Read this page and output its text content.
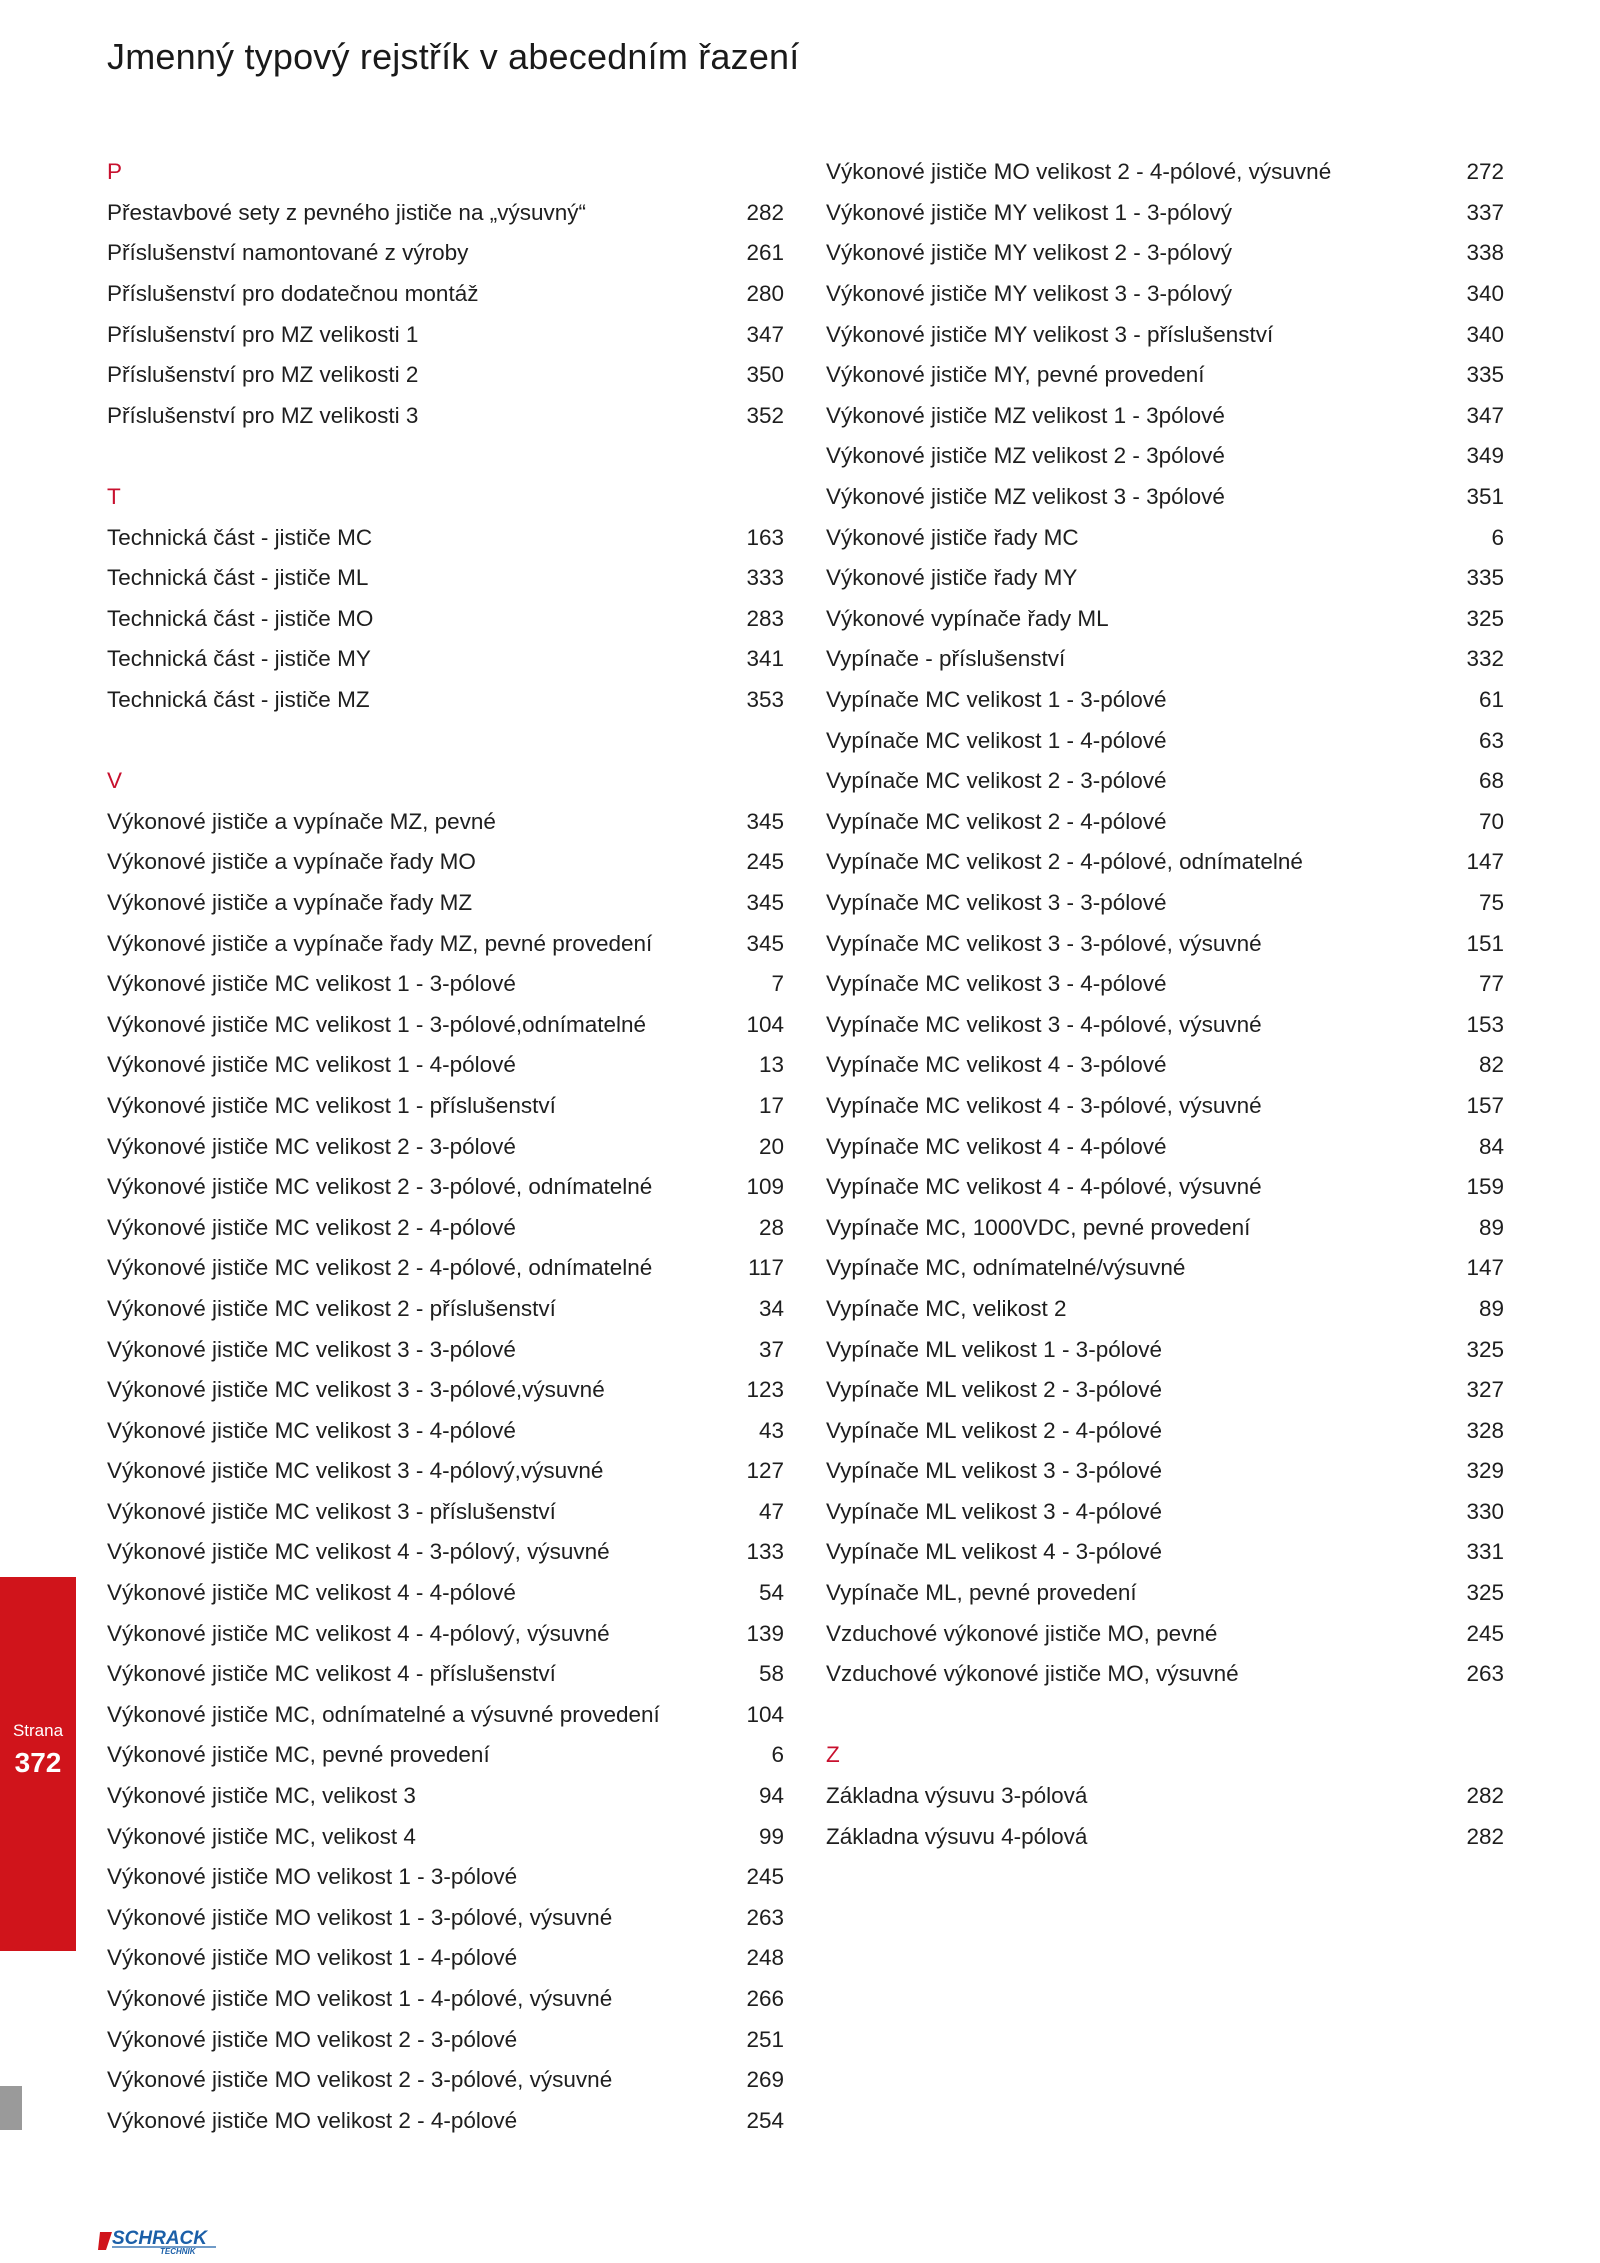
Jmenný typový rejstřík v abecedním řazení
P
Přestavbové sety z pevného jističe na „výsuvný“	282
Příslušenství namontované z výroby	261
Příslušenství pro dodatečnou montáž	280
Příslušenství pro MZ velikosti 1	347
Příslušenství pro MZ velikosti 2	350
Příslušenství pro MZ velikosti 3	352
T
Technická část - jističe MC	163
Technická část - jističe ML	333
Technická část - jističe MO	283
Technická část - jističe MY	341
Technická část - jističe MZ	353
V
Výkonové jističe a vypínače MZ, pevné	345
Výkonové jističe a vypínače řady MO	245
Výkonové jističe a vypínače řady MZ	345
Výkonové jističe a vypínače řady MZ, pevné provedení	345
Výkonové jističe MC velikost 1 - 3-pólové	7
Výkonové jističe MC velikost 1 - 3-pólové,odnímatelné	104
Výkonové jističe MC velikost 1 - 4-pólové	13
Výkonové jističe MC velikost 1 - příslušenství	17
Výkonové jističe MC velikost 2 - 3-pólové	20
Výkonové jističe MC velikost 2 - 3-pólové, odnímatelné	109
Výkonové jističe MC velikost 2 - 4-pólové	28
Výkonové jističe MC velikost 2 - 4-pólové, odnímatelné	117
Výkonové jističe MC velikost 2 - příslušenství	34
Výkonové jističe MC velikost 3 - 3-pólové	37
Výkonové jističe MC velikost 3 - 3-pólové,výsuvné	123
Výkonové jističe MC velikost 3 - 4-pólové	43
Výkonové jističe MC velikost 3 - 4-pólový,výsuvné	127
Výkonové jističe MC velikost 3 - příslušenství	47
Výkonové jističe MC velikost 4 - 3-pólový, výsuvné	133
Výkonové jističe MC velikost 4 - 4-pólové	54
Výkonové jističe MC velikost 4 - 4-pólový, výsuvné	139
Výkonové jističe MC velikost 4 - příslušenství	58
Výkonové jističe MC, odnímatelné a výsuvné provedení	104
Výkonové jističe MC, pevné provedení	6
Výkonové jističe MC, velikost 3	94
Výkonové jističe MC, velikost 4	99
Výkonové jističe MO velikost 1 - 3-pólové	245
Výkonové jističe MO velikost 1 - 3-pólové, výsuvné	263
Výkonové jističe MO velikost 1 - 4-pólové	248
Výkonové jističe MO velikost 1 - 4-pólové, výsuvné	266
Výkonové jističe MO velikost 2 - 3-pólové	251
Výkonové jističe MO velikost 2 - 3-pólové, výsuvné	269
Výkonové jističe MO velikost 2 - 4-pólové	254
Výkonové jističe MO velikost 2 - 4-pólové, výsuvné	272
Výkonové jističe MY velikost 1 - 3-pólový	337
Výkonové jističe MY velikost 2 - 3-pólový	338
Výkonové jističe MY velikost 3 - 3-pólový	340
Výkonové jističe MY velikost 3 - příslušenství	340
Výkonové jističe MY, pevné provedení	335
Výkonové jističe MZ velikost 1 - 3pólové	347
Výkonové jističe MZ velikost 2 - 3pólové	349
Výkonové jističe MZ velikost 3 - 3pólové	351
Výkonové jističe řady MC	6
Výkonové jističe řady MY	335
Výkonové vypínače řady ML	325
Vypínače - příslušenství	332
Vypínače MC velikost 1 - 3-pólové	61
Vypínače MC velikost 1 - 4-pólové	63
Vypínače MC velikost 2 - 3-pólové	68
Vypínače MC velikost 2 - 4-pólové	70
Vypínače MC velikost 2 - 4-pólové, odnímatelné	147
Vypínače MC velikost 3 - 3-pólové	75
Vypínače MC velikost 3 - 3-pólové, výsuvné	151
Vypínače MC velikost 3 - 4-pólové	77
Vypínače MC velikost 3 - 4-pólové, výsuvné	153
Vypínače MC velikost 4 - 3-pólové	82
Vypínače MC velikost 4 - 3-pólové, výsuvné	157
Vypínače MC velikost 4 - 4-pólové	84
Vypínače MC velikost 4 - 4-pólové, výsuvné	159
Vypínače MC, 1000VDC, pevné provedení	89
Vypínače MC, odnímatelné/výsuvné	147
Vypínače MC, velikost 2	89
Vypínače ML velikost 1 - 3-pólové	325
Vypínače ML velikost 2 - 3-pólové	327
Vypínače ML velikost 2 - 4-pólové	328
Vypínače ML velikost 3 - 3-pólové	329
Vypínače ML velikost 3 - 4-pólové	330
Vypínače ML velikost 4 - 3-pólové	331
Vypínače ML, pevné provedení	325
Vzduchové výkonové jističe MO, pevné	245
Vzduchové výkonové jističe MO, výsuvné	263
Z
Základna výsuvu 3-pólová	282
Základna výsuvu 4-pólová	282
Strana
372
SCHRACK
TECHNIK
